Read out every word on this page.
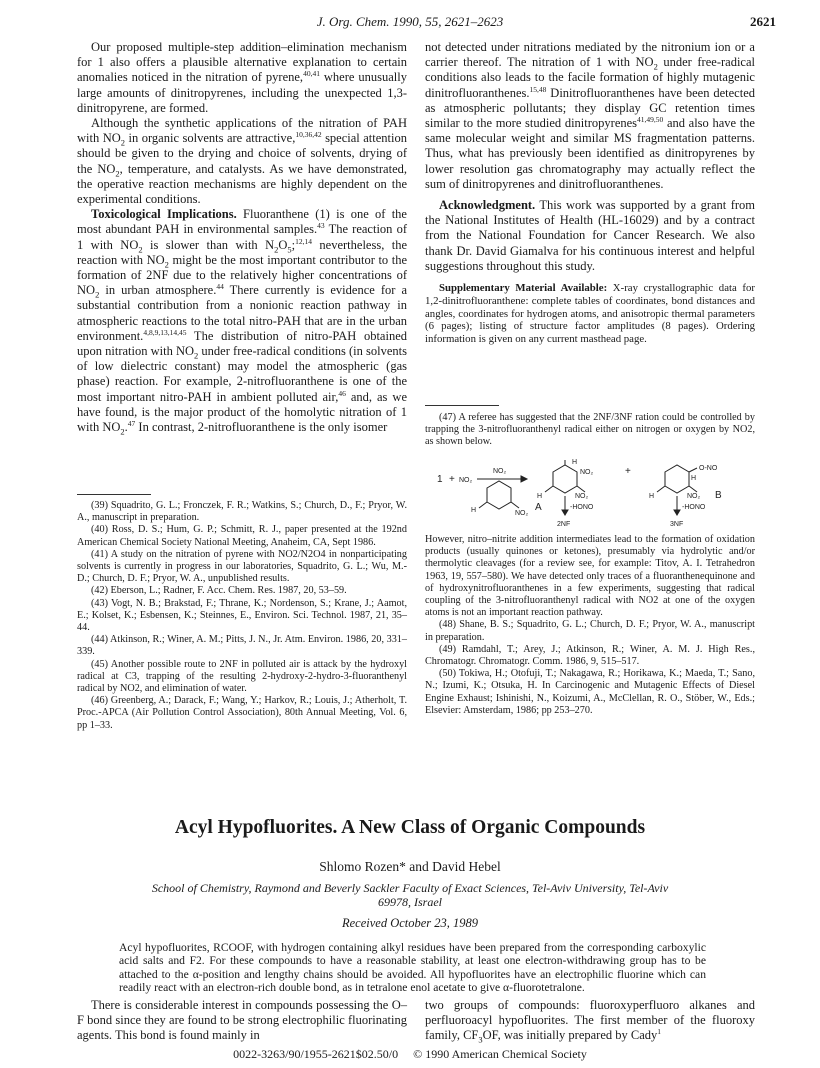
J. Org. Chem. 1990, 55, 2621–2623	2621

Our proposed multiple-step addition–elimination mechanism for 1 also offers a plausible alternative explanation to certain anomalies noticed in the nitration of pyrene,$^{40,41}$ where unusually large amounts of dinitropyrenes, including the unexpected 1,3-dinitropyrene, are formed.

Although the synthetic applications of the nitration of PAH with $NO_2$ in organic solvents are attractive,$^{10,36,42}$ special attention should be given to the drying and choice of solvents, drying of the $NO_2$, temperature, and catalysts. As we have demonstrated, the operative reaction mechanisms are highly dependent on the experimental conditions.

Toxicological Implications. Fluoranthene (1) is one of the most abundant PAH in environmental samples.$^{43}$ The reaction of 1 with $NO_2$ is slower than with $N_2O_5;^{12,14}$ nevertheless, the reaction with $NO_2$ might be the most important contributor to the formation of 2NF due to the relatively higher concentrations of $NO_2$ in urban atmosphere.$^{44}$ There currently is evidence for a substantial contribution from a nonionic reaction pathway in atmospheric reactions to the total nitro-PAH that are in the urban environment.$^{4,8,9,13,14,45}$ The distribution of nitro-PAH obtained upon nitration with $NO_2$ under free-radical conditions (in solvents of low dielectric constant) may model the atmospheric (gas phase) reaction. For example, 2-nitrofluoranthene is one of the most important nitro-PAH in ambient polluted air,$^{46}$ and, as we have found, is the major product of the homolytic nitration of 1 with $NO_2.^{47}$ In contrast, 2-nitrofluoranthene is the only isomer

(39) Squadrito, G. L.; Fronczek, F. R.; Watkins, S.; Church, D., F.; Pryor, W. A., manuscript in preparation.

(40) Ross, D. S.; Hum, G. P.; Schmitt, R. J., paper presented at the 192nd American Chemical Society National Meeting, Anaheim, CA, Sept 1986.

(41) A study on the nitration of pyrene with NO2/N2O4 in nonparticipating solvents is currently in progress in our laboratories, Squadrito, G. L.; Wu, M.-D.; Church, D. F.; Pryor, W. A., unpublished results.

(42) Eberson, L.; Radner, F. Acc. Chem. Res. 1987, 20, 53–59.

(43) Vogt, N. B.; Brakstad, F.; Thrane, K.; Nordenson, S.; Krane, J.; Aamot, E.; Kolset, K.; Esbensen, K.; Steinnes, E., Environ. Sci. Technol. 1987, 21, 35–44.

(44) Atkinson, R.; Winer, A. M.; Pitts, J. N., Jr. Atm. Environ. 1986, 20, 331–339.

(45) Another possible route to 2NF in polluted air is attack by the hydroxyl radical at C3, trapping of the resulting 2-hydroxy-2-hydro-3-fluoranthenyl radical by NO2, and elimination of water.

(46) Greenberg, A.; Darack, F.; Wang, Y.; Harkov, R.; Louis, J.; Atherholt, T. Proc.-APCA (Air Pollution Control Association), 80th Annual Meeting, Vol. 6, pp 1–33.

not detected under nitrations mediated by the nitronium ion or a carrier thereof. The nitration of 1 with $NO_2$ under free-radical conditions also leads to the facile formation of highly mutagenic dinitrofluoranthenes.$^{15,48}$ Dinitrofluoranthenes have been detected as atmospheric pollutants; they display GC retention times similar to the more studied dinitropyrenes$^{41,49,50}$ and also have the same molecular weight and similar MS fragmentation patterns. Thus, what has previously been identified as dinitropyrenes by lower resolution gas chromatography may actually reflect the sum of dinitropyrenes and dinitrofluoranthenes.

Acknowledgment. This work was supported by a grant from the National Institutes of Health (HL-16029) and by a contract from the National Foundation for Cancer Research. We also thank Dr. David Giamalva for his continuous interest and helpful suggestions throughout this study.

Supplementary Material Available: X-ray crystallographic data for 1,2-dinitrofluoranthene: complete tables of coordinates, bond distances and angles, coordinates for hydrogen atoms, and anisotropic thermal parameters (6 pages); listing of structure factor amplitudes (8 pages). Ordering information is given on any current masthead page.

(47) A referee has suggested that the 2NF/3NF ration could be controlled by trapping the 3-nitrofluoranthenyl radical either on nitrogen or oxygen by NO2, as shown below.

1 + NO₂
NO₂
H	NO₂
NO₂
H
H	NO₂
A	-HONO
2NF
+	O-NO
H
H	NO₂ B
-HONO
3NF

However, nitro–nitrite addition intermediates lead to the formation of oxidation products (usually quinones or ketones), presumably via hydrolytic and/or thermolytic cleavages (for a review see, for example: Titov, A. I. Tetrahedron 1963, 19, 557–580). We have detected only traces of a fluoranthenequinone and of hydroxynitrofluoranthenes in a few experiments, suggesting that radical coupling of the 3-nitrofluoranthenyl radical with NO2 at one of the oxygen atoms is not an important reaction pathway.

(48) Shane, B. S.; Squadrito, G. L.; Church, D. F.; Pryor, W. A., manuscript in preparation.

(49) Ramdahl, T.; Arey, J.; Atkinson, R.; Winer, A. M. J. High Res., Chromatogr. Chromatogr. Comm. 1986, 9, 515–517.

(50) Tokiwa, H.; Otofuji, T.; Nakagawa, R.; Horikawa, K.; Maeda, T.; Sano, N.; Izumi, K.; Otsuka, H. In Carcinogenic and Mutagenic Effects of Diesel Engine Exhaust; Ishinishi, N., Koizumi, A., McClellan, R. O., Stöber, W., Eds.; Elsevier: Amsterdam, 1986; pp 253–270.

Acyl Hypofluorites. A New Class of Organic Compounds
Shlomo Rozen* and David Hebel
School of Chemistry, Raymond and Beverly Sackler Faculty of Exact Sciences, Tel-Aviv University, Tel-Aviv 69978, Israel
Received October 23, 1989

Acyl hypofluorites, RCOOF, with hydrogen containing alkyl residues have been prepared from the corresponding carboxylic acid salts and F2. For these compounds to have a reasonable stability, at least one electron-withdrawing group has to be attached to the α-position and lengthy chains should be avoided. All hypofluorites have an electrophilic fluorine which can readily react with an electron-rich double bond, as in tetralone enol acetate to give α-fluorotetralone.

There is considerable interest in compounds possessing the O–F bond since they are found to be strong electrophilic fluorinating agents. This bond is found mainly in

two groups of compounds: fluoroxyperfluoro alkanes and perfluoroacyl hypofluorites. The first member of the fluoroxy family, $CF_3OF$, was initially prepared by Cady$^1$

0022-3263/90/1955-2621$02.50/0 © 1990 American Chemical Society
